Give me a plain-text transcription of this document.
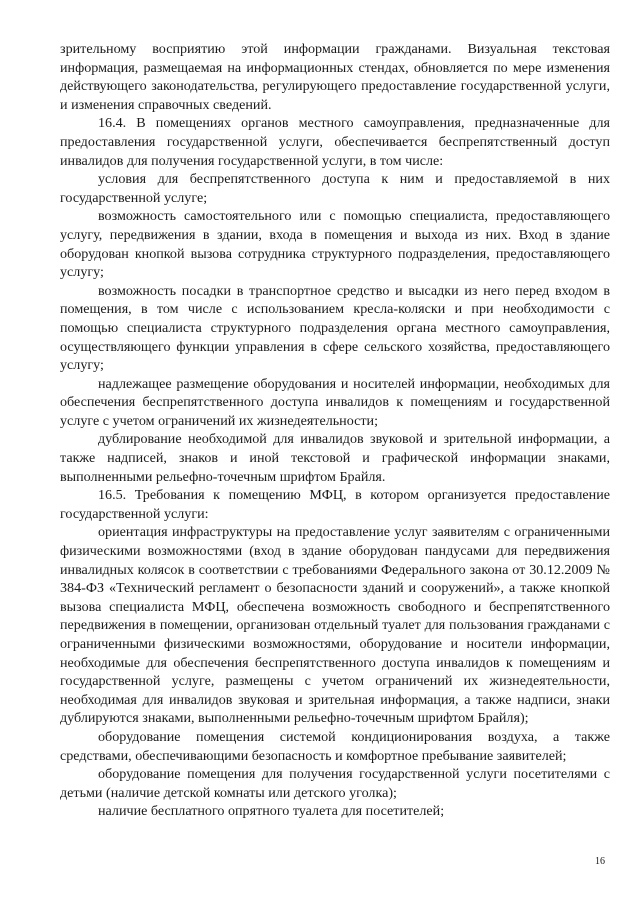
зрительному восприятию этой информации гражданами. Визуальная текстовая информация, размещаемая на информационных стендах, обновляется по мере изменения действующего законодательства, регулирующего предоставление государственной услуги, и изменения справочных сведений.

16.4. В помещениях органов местного самоуправления, предназначенные для предоставления государственной услуги, обеспечивается беспрепятственный доступ инвалидов для получения государственной услуги, в том числе:

условия для беспрепятственного доступа к ним и предоставляемой в них государственной услуге;

возможность самостоятельного или с помощью специалиста, предоставляющего услугу, передвижения в здании, входа в помещения и выхода из них. Вход в здание оборудован кнопкой вызова сотрудника структурного подразделения, предоставляющего услугу;

возможность посадки в транспортное средство и высадки из него перед входом в помещения, в том числе с использованием кресла-коляски и при необходимости с помощью специалиста структурного подразделения органа местного самоуправления, осуществляющего функции управления в сфере сельского хозяйства, предоставляющего услугу;

надлежащее размещение оборудования и носителей информации, необходимых для обеспечения беспрепятственного доступа инвалидов к помещениям и государственной услуге с учетом ограничений их жизнедеятельности;

дублирование необходимой для инвалидов звуковой и зрительной информации, а также надписей, знаков и иной текстовой и графической информации знаками, выполненными рельефно-точечным шрифтом Брайля.

16.5. Требования к помещению МФЦ, в котором организуется предоставление государственной услуги:

ориентация инфраструктуры на предоставление услуг заявителям с ограниченными физическими возможностями (вход в здание оборудован пандусами для передвижения инвалидных колясок в соответствии с требованиями Федерального закона от 30.12.2009 № 384-ФЗ «Технический регламент о безопасности зданий и сооружений», а также кнопкой вызова специалиста МФЦ, обеспечена возможность свободного и беспрепятственного передвижения в помещении, организован отдельный туалет для пользования гражданами с ограниченными физическими возможностями, оборудование и носители информации, необходимые для обеспечения беспрепятственного доступа инвалидов к помещениям и государственной услуге, размещены с учетом ограничений их жизнедеятельности, необходимая для инвалидов звуковая и зрительная информация, а также надписи, знаки дублируются знаками, выполненными рельефно-точечным шрифтом Брайля);

оборудование помещения системой кондиционирования воздуха, а также средствами, обеспечивающими безопасность и комфортное пребывание заявителей;

оборудование помещения для получения государственной услуги посетителями с детьми (наличие детской комнаты или детского уголка);

наличие бесплатного опрятного туалета для посетителей;

16
